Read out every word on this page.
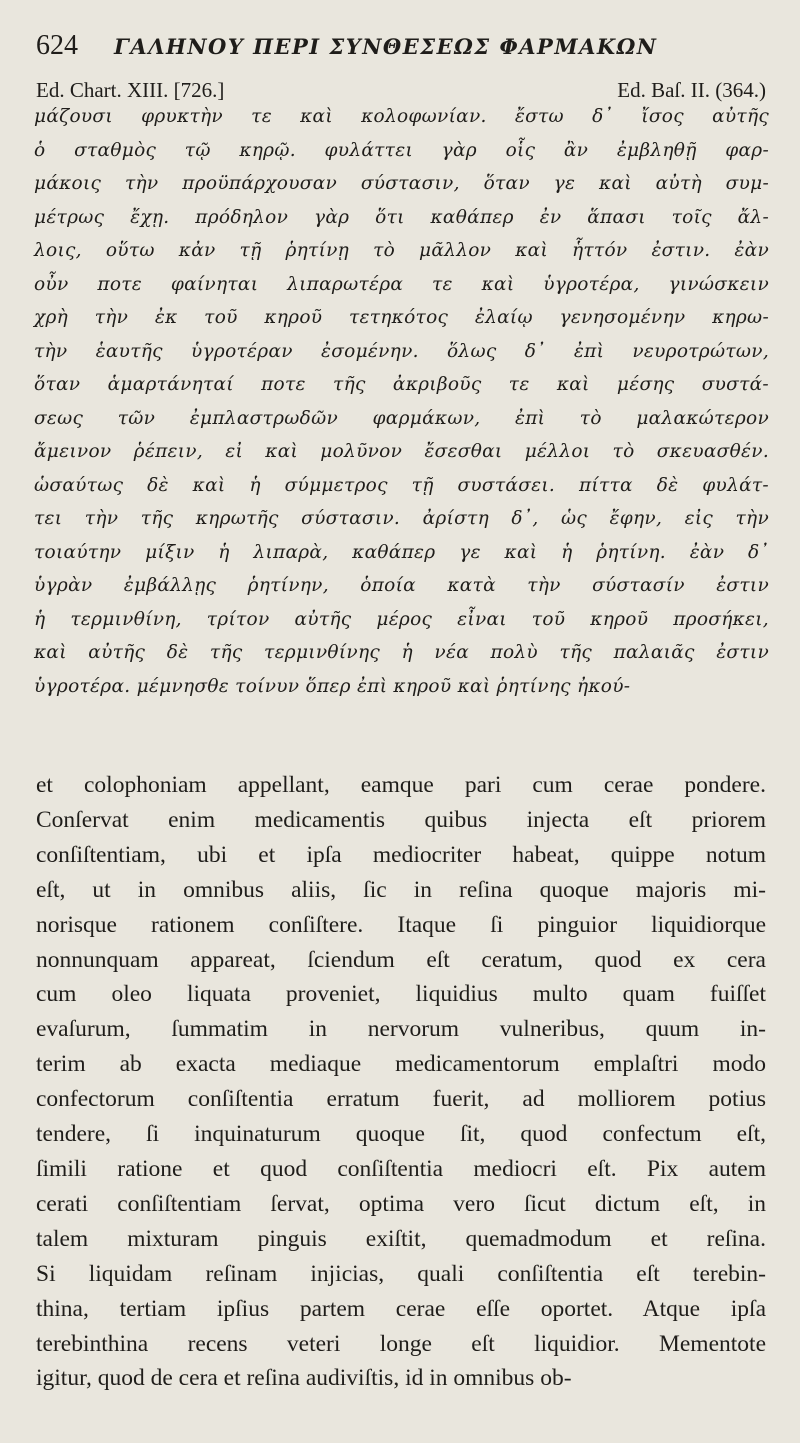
624	ΓΑΛΗΝΟΥ ΠΕΡΙ ΣΥΝΘΕΣΕΩΣ ΦΑΡΜΑΚΩΝ
Ed. Chart. XIII. [726.]	Ed. Baſ. II. (364.)
μάζουσι φρυκτὴν τε καὶ κολοφωνίαν. ἔστω δ᾽ ἴσος αὐτῆς
ὁ σταθμὸς τῷ κηρῷ. φυλάττει γὰρ οἷς ἂν ἐμβληθῇ φαρ-
μάκοις τὴν προϋπάρχουσαν σύστασιν, ὅταν γε καὶ αὐτὴ συμ-
μέτρως ἔχῃ. πρόδηλον γὰρ ὅτι καθάπερ ἐν ἅπασι τοῖς ἄλ-
λοις, οὕτω κἀν τῇ ῥητίνῃ τὸ μᾶλλον καὶ ἧττόν ἐστιν. ἐὰν
οὖν ποτε φαίνηται λιπαρωτέρα τε καὶ ὑγροτέρα, γινώσκειν
χρὴ τὴν ἐκ τοῦ κηροῦ τετηκότος ἐλαίῳ γενησομένην κηρω-
τὴν ἑαυτῆς ὑγροτέραν ἐσομένην. ὅλως δ᾽ ἐπὶ νευροτρώτων,
ὅταν ἁμαρτάνηταί ποτε τῆς ἀκριβοῦς τε καὶ μέσης συστά-
σεως τῶν ἐμπλαστρωδῶν φαρμάκων, ἐπὶ τὸ μαλακώτερον
ἄμεινον ῥέπειν, εἰ καὶ μολῦνον ἔσεσθαι μέλλοι τὸ σκευασθέν.
ὡσαύτως δὲ καὶ ἡ σύμμετρος τῇ συστάσει. πίττα δὲ φυλάτ-
τει τὴν τῆς κηρωτῆς σύστασιν. ἀρίστη δ᾽, ὡς ἔφην, εἰς τὴν
τοιαύτην μίξιν ἡ λιπαρὰ, καθάπερ γε καὶ ἡ ῥητίνη. ἐὰν δ᾽
ὑγρὰν ἐμβάλλῃς ῥητίνην, ὁποία κατὰ τὴν σύστασίν ἐστιν
ἡ τερμινθίνη, τρίτον αὐτῆς μέρος εἶναι τοῦ κηροῦ προσήκει,
καὶ αὐτῆς δὲ τῆς τερμινθίνης ἡ νέα πολὺ τῆς παλαιᾶς ἐστιν
ὑγροτέρα. μέμνησθε τοίνυν ὅπερ ἐπὶ κηροῦ καὶ ῥητίνης ἠκού-
et colophoniam appellant, eamque pari cum cerae pondere.
Conſervat enim medicamentis quibus injecta eſt priorem
conſiſtentiam, ubi et ipſa mediocriter habeat, quippe notum
eſt, ut in omnibus aliis, ſic in reſina quoque majoris mi-
norisque rationem conſiſtere. Itaque ſi pinguior liquidiorque
nonnunquam appareat, ſciendum eſt ceratum, quod ex cera
cum oleo liquata proveniet, liquidius multo quam fuiſſet
evaſurum, ſummatim in nervorum vulneribus, quum in-
terim ab exacta mediaque medicamentorum emplaſtri modo
confectorum conſiſtentia erratum fuerit, ad molliorem potius
tendere, ſi inquinaturum quoque ſit, quod confectum eſt,
ſimili ratione et quod conſiſtentia mediocri eſt. Pix autem
cerati conſiſtentiam ſervat, optima vero ſicut dictum eſt, in
talem mixturam pinguis exiſtit, quemadmodum et reſina.
Si liquidam reſinam injicias, quali conſiſtentia eſt terebin-
thina, tertiam ipſius partem cerae eſſe oportet. Atque ipſa
terebinthina recens veteri longe eſt liquidior. Mementote
igitur, quod de cera et reſina audiviſtis, id in omnibus ob-
